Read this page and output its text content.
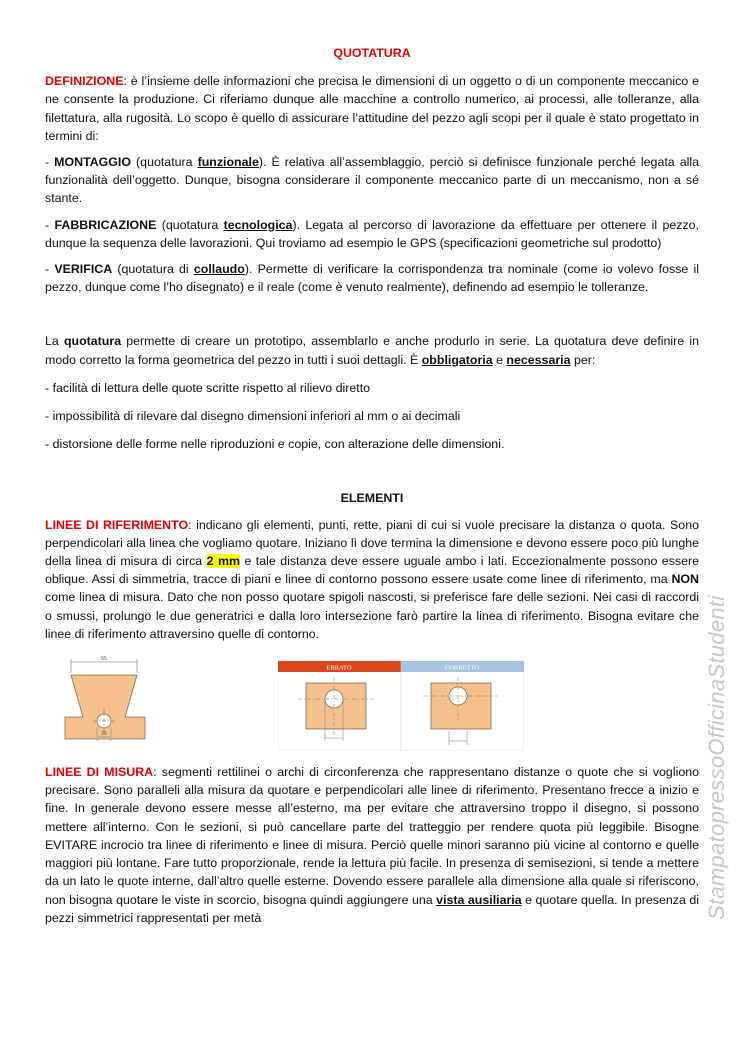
QUOTATURA

DEFINIZIONE: è l’insieme delle informazioni che precisa le dimensioni di un oggetto o di un componente meccanico e ne consente la produzione. Ci riferiamo dunque alle macchine a controllo numerico, ai processi, alle tolleranze, alla filettatura, alla rugosità. Lo scopo è quello di assicurare l’attitudine del pezzo agli scopi per il quale è stato progettato in termini di:

- MONTAGGIO (quotatura funzionale). È relativa all’assemblaggio, perciò si definisce funzionale perché legata alla funzionalità dell’oggetto. Dunque, bisogna considerare il componente meccanico parte di un meccanismo, non a sé stante.

- FABBRICAZIONE (quotatura tecnologica). Legata al percorso di lavorazione da effettuare per ottenere il pezzo, dunque la sequenza delle lavorazioni. Qui troviamo ad esempio le GPS (specificazioni geometriche sul prodotto)

- VERIFICA (quotatura di collaudo). Permette di verificare la corrispondenza tra nominale (come io volevo fosse il pezzo, dunque come l’ho disegnato) e il reale (come è venuto realmente), definendo ad esempio le tolleranze.

La quotatura permette di creare un prototipo, assemblarlo e anche produrlo in serie. La quotatura deve definire in modo corretto la forma geometrica del pezzo in tutti i suoi dettagli. È obbligatoria e necessaria per:

- facilità di lettura delle quote scritte rispetto al rilievo diretto

- impossibilità di rilevare dal disegno dimensioni inferiori al mm o ai decimali

- distorsione delle forme nelle riproduzioni e copie, con alterazione delle dimensioni.

ELEMENTI

LINEE DI RIFERIMENTO: indicano gli elementi, punti, rette, piani di cui si vuole precisare la distanza o quota. Sono perpendicolari alla linea che vogliamo quotare. Iniziano lì dove termina la dimensione e devono essere poco più lunghe della linea di misura di circa 2 mm e tale distanza deve essere uguale ambo i lati. Eccezionalmente possono essere oblique. Assi di simmetria, tracce di piani e linee di contorno possono essere usate come linee di riferimento, ma NON come linea di misura. Dato che non posso quotare spigoli nascosti, si preferisce fare delle sezioni. Nei casi di raccordi o smussi, prolungo le due generatrici e dalla loro intersezione farò partire la linea di riferimento. Bisogna evitare che linee di riferimento attraversino quelle di contorno.

55
25
ERRATO	CORRETTO

LINEE DI MISURA: segmenti rettilinei o archi di circonferenza che rappresentano distanze o quote che si vogliono precisare. Sono paralleli alla misura da quotare e perpendicolari alle linee di riferimento. Presentano frecce a inizio e fine. In generale devono essere messe all’esterno, ma per evitare che attraversino troppo il disegno, si possono mettere all’interno. Con le sezioni, si può cancellare parte del tratteggio per rendere quota più leggibile. Bisogne EVITARE incrocio tra linee di riferimento e linee di misura. Perciò quelle minori saranno più vicine al contorno e quelle maggiori più lontane. Fare tutto proporzionale, rende la lettura più facile. In presenza di semisezioni, si tende a mettere da un lato le quote interne, dall’altro quelle esterne. Dovendo essere parallele alla dimensione alla quale si riferiscono, non bisogna quotare le viste in scorcio, bisogna quindi aggiungere una vista ausiliaria e quotare quella. In presenza di pezzi simmetrici rappresentati per metà	StampatopressoOfficinaStudenti
